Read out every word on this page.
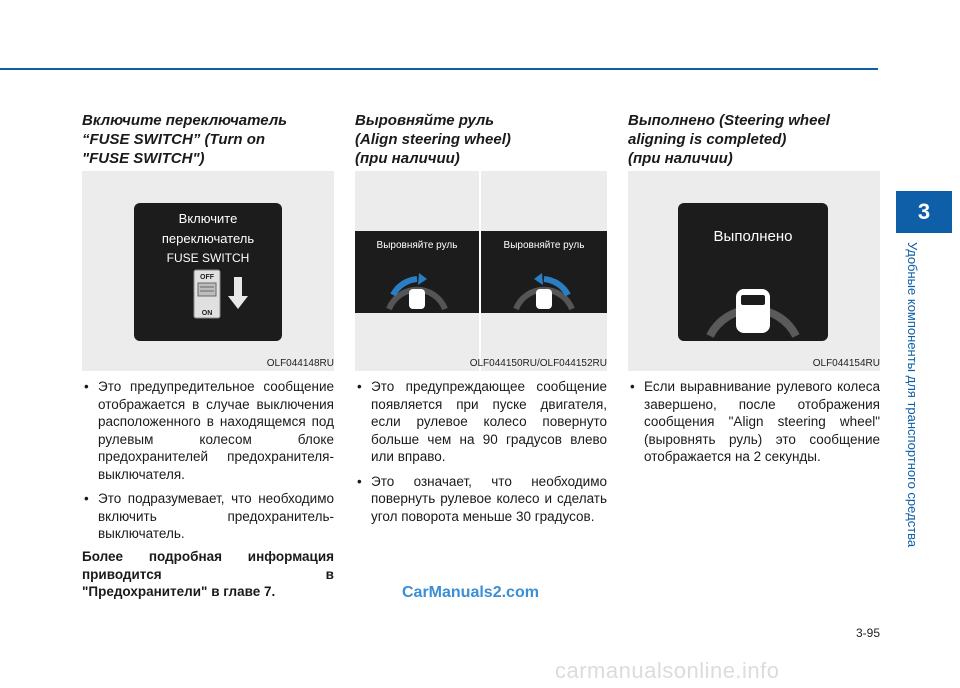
Включите переключатель
“FUSE SWITCH” (Turn on
"FUSE SWITCH")
Выровняйте руль
(Align steering wheel)
(при наличии)
Выполнено (Steering wheel
aligning is completed)
(при наличии)
Включите
переключатель
FUSE SWITCH
OFF
ON
OLF044148RU
Выровняйте руль	Выровняйте руль
OLF044150RU/OLF044152RU
Выполнено
OLF044154RU
• Это предупредительное сообщение отображается в случае выключения расположенного в находящемся под рулевым колесом блоке предохранителей предохранителя-выключателя.
• Это подразумевает, что необходимо включить предохранитель-выключатель.
• Это предупреждающее сообщение появляется при пуске двигателя, если рулевое колесо повернуто больше чем на 90 градусов влево или вправо.
• Это означает, что необходимо повернуть рулевое колесо и сделать угол поворота меньше 30 градусов.
• Если выравнивание рулевого колеса завершено, после отображения сообщения "Align steering wheel" (выровнять руль) это сообщение отображается на 2 секунды.
Более подробная информация приводится в
"Предохранители" в главе 7.	CarManuals2.com
3-95
carmanualsonline.info
3
Удобные компоненты для транспортного средства
